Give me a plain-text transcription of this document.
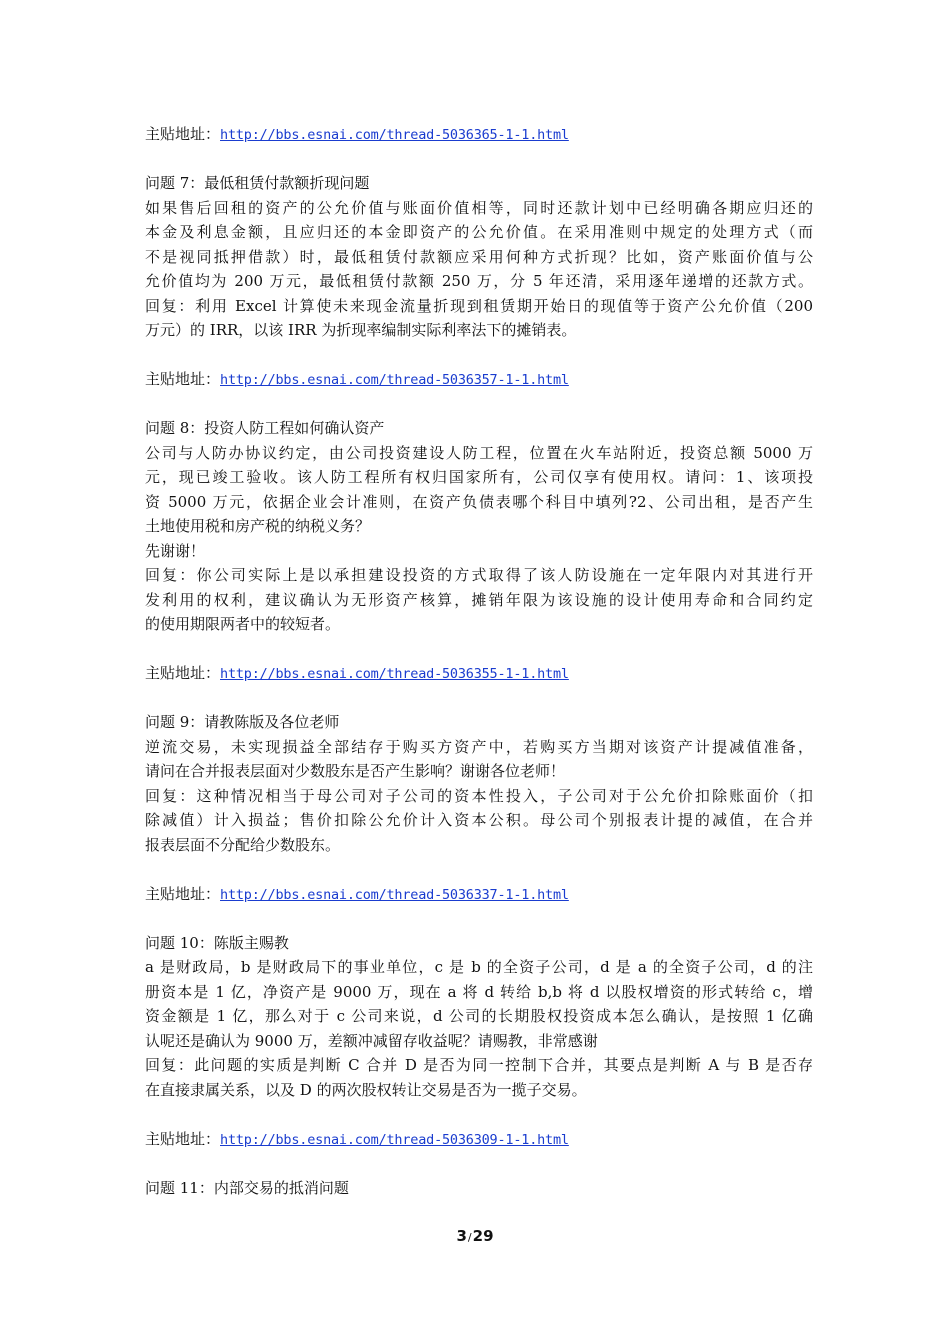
主贴地址：http://bbs.esnai.com/thread-5036365-1-1.html
问题 7：最低租赁付款额折现问题
如果售后回租的资产的公允价值与账面价值相等，同时还款计划中已经明确各期应归还的
本金及利息金额，且应归还的本金即资产的公允价值。在采用准则中规定的处理方式（而
不是视同抵押借款）时，最低租赁付款额应采用何种方式折现？比如，资产账面价值与公
允价值均为 200 万元，最低租赁付款额 250 万，分 5 年还清，采用逐年递增的还款方式。
回复：利用 Excel 计算使未来现金流量折现到租赁期开始日的现值等于资产公允价值（200
万元）的 IRR，以该 IRR 为折现率编制实际利率法下的摊销表。
主贴地址：http://bbs.esnai.com/thread-5036357-1-1.html
问题 8：投资人防工程如何确认资产
公司与人防办协议约定，由公司投资建设人防工程，位置在火车站附近，投资总额 5000 万
元，现已竣工验收。该人防工程所有权归国家所有，公司仅享有使用权。请问：1、该项投
资 5000 万元，依据企业会计准则，在资产负债表哪个科目中填列?2、公司出租，是否产生
土地使用税和房产税的纳税义务？
先谢谢！
回复：你公司实际上是以承担建设投资的方式取得了该人防设施在一定年限内对其进行开
发利用的权利，建议确认为无形资产核算，摊销年限为该设施的设计使用寿命和合同约定
的使用期限两者中的较短者。
主贴地址：http://bbs.esnai.com/thread-5036355-1-1.html
问题 9：请教陈版及各位老师
逆流交易，未实现损益全部结存于购买方资产中，若购买方当期对该资产计提减值准备，
请问在合并报表层面对少数股东是否产生影响？谢谢各位老师！
回复：这种情况相当于母公司对子公司的资本性投入，子公司对于公允价扣除账面价（扣
除减值）计入损益；售价扣除公允价计入资本公积。母公司个别报表计提的减值，在合并
报表层面不分配给少数股东。
主贴地址：http://bbs.esnai.com/thread-5036337-1-1.html
问题 10：陈版主赐教
a 是财政局，b 是财政局下的事业单位，c 是 b 的全资子公司，d 是 a 的全资子公司，d 的注
册资本是 1 亿，净资产是 9000 万，现在 a 将 d 转给 b,b 将 d 以股权增资的形式转给 c，增
资金额是 1 亿，那么对于 c 公司来说，d 公司的长期股权投资成本怎么确认，是按照 1 亿确
认呢还是确认为 9000 万，差额冲减留存收益呢？请赐教，非常感谢
回复：此问题的实质是判断 C 合并 D 是否为同一控制下合并，其要点是判断 A 与 B 是否存
在直接隶属关系，以及 D 的两次股权转让交易是否为一揽子交易。
主贴地址：http://bbs.esnai.com/thread-5036309-1-1.html
问题 11：内部交易的抵消问题
3/29
